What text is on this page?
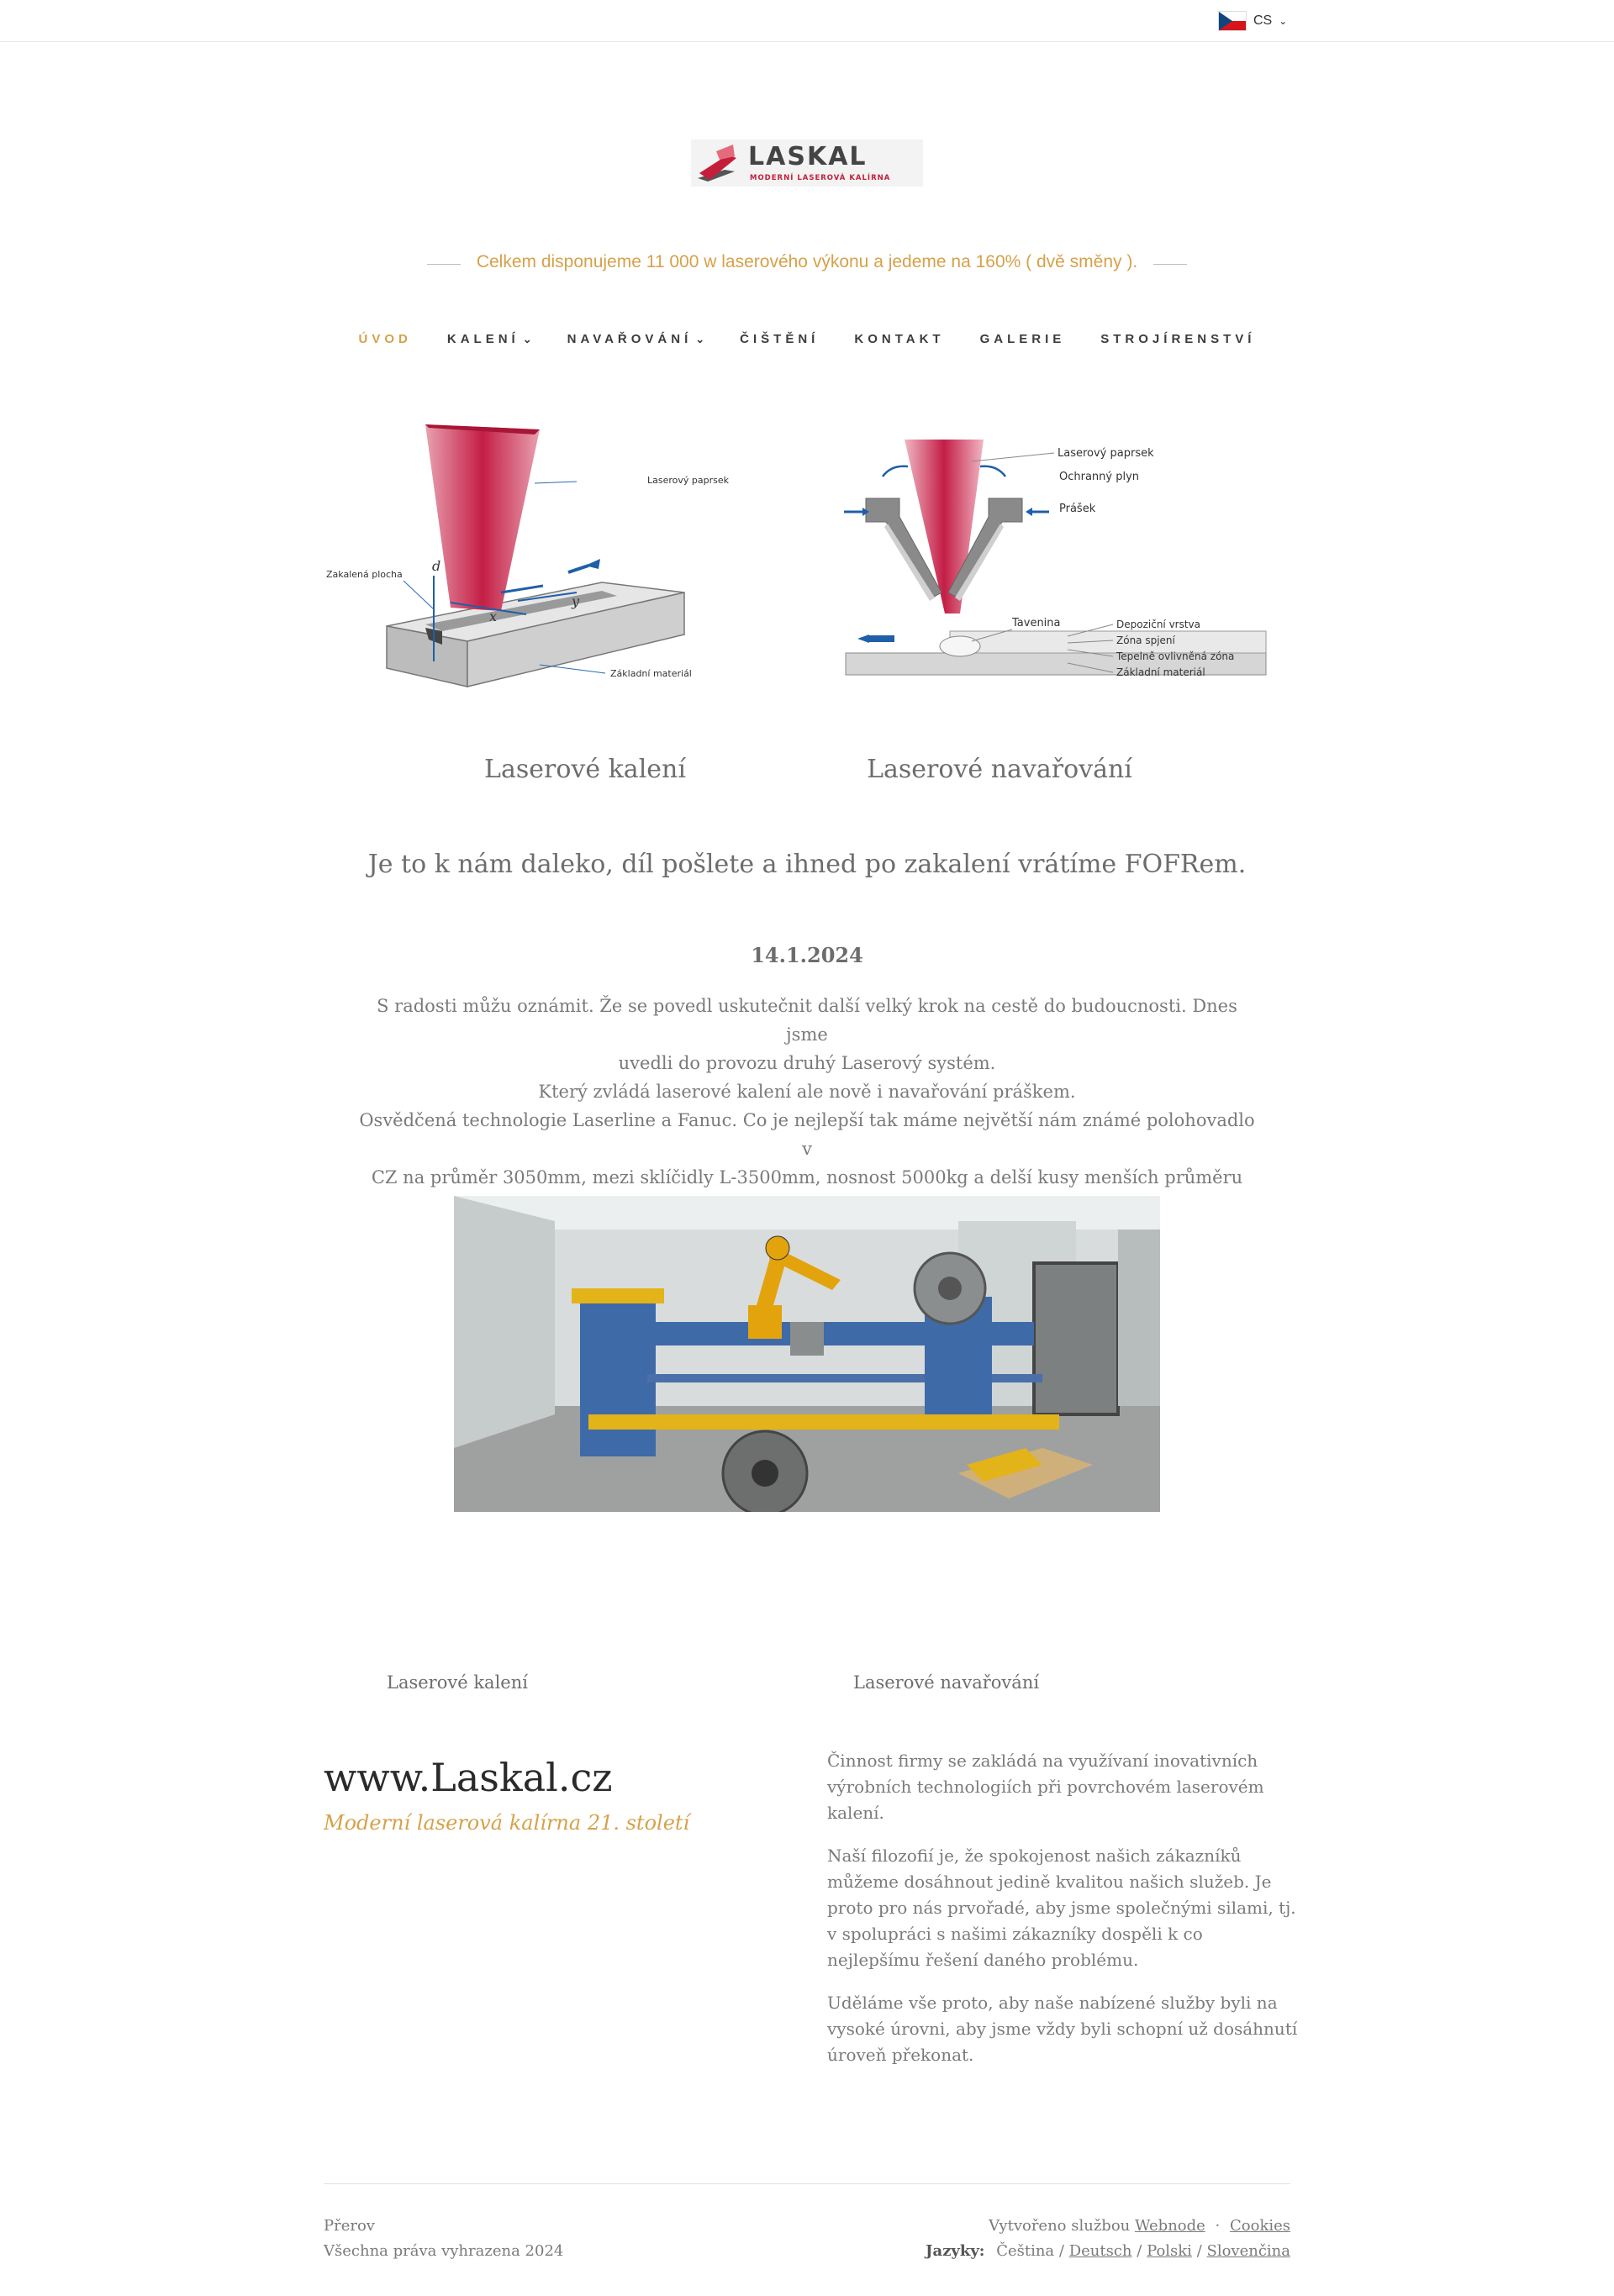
CS ⌄
LASKAL
MODERNÍ LASEROVÁ KALÍRNA
Celkem disponujeme 11 000 w laserového výkonu a jedeme na 160% ( dvě směny ).
ÚVOD	KALENÍ ⌄	NAVAŘOVÁNÍ ⌄	ČIŠTĚNÍ	KONTAKT	GALERIE	STROJÍRENSTVÍ
d
x
y
Laserový paprsek
Zakalená plocha
Základní materiál
Laserový paprsek
Ochranný plyn
Prášek
Tavenina	Depoziční vrstva
Zóna spjení
Tepelně ovlivněná zóna
Základní materiál
Laserové kalení	Laserové navařování
Je to k nám daleko, díl pošlete a ihned po zakalení vrátíme FOFRem.
14.1.2024
S radosti můžu oznámit. Že se povedl uskutečnit další velký krok na cestě do budoucnosti. Dnes jsme
uvedli do provozu druhý Laserový systém.
Který zvládá laserové kalení ale nově i navařování práškem.
Osvědčená technologie Laserline a Fanuc. Co je nejlepší tak máme největší nám známé polohovadlo v
CZ na průměr 3050mm, mezi sklíčidly L-3500mm, nosnost 5000kg a delší kusy menších průměru
Laserové kalení	Laserové navařování
www.Laskal.cz
Moderní laserová kalírna 21. století

Činnost firmy se zakládá na využívaní inovativních výrobních technologiích při povrchovém laserovém kalení.

Naší filozofií je, že spokojenost našich zákazníků můžeme dosáhnout jedině kvalitou našich služeb. Je proto pro nás prvořadé, aby jsme společnými silami, tj. v spolupráci s našimi zákazníky dospěli k co nejlepšímu řešení daného problému.

Uděláme vše proto, aby naše nabízené služby byli na vysoké úrovni, aby jsme vždy byli schopní už dosáhnutí úroveň překonat.

Přerov
Všechna práva vyhrazena 2024
Vytvořeno službou Webnode · Cookies
Jazyky: Čeština / Deutsch / Polski / Slovenčina
